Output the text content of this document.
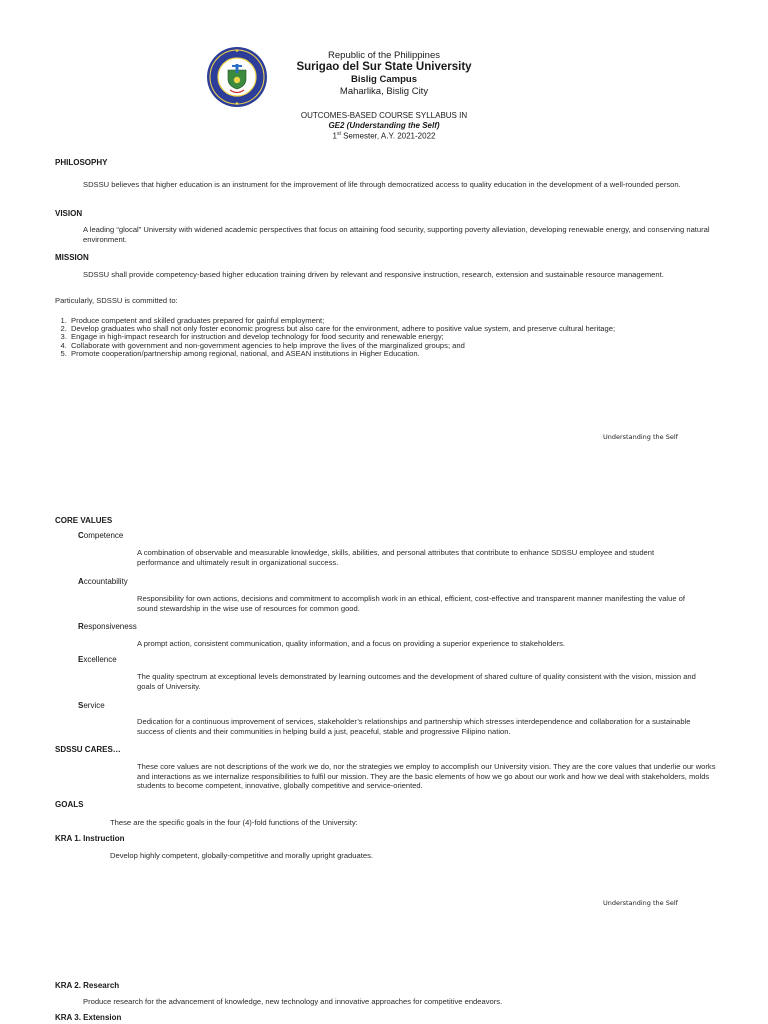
Republic of the Philippines
Surigao del Sur State University
Bislig Campus
Maharlika, Bislig City
OUTCOMES-BASED COURSE SYLLABUS IN
GE2 (Understanding the Self)
1st Semester, A.Y. 2021-2022
PHILOSOPHY
SDSSU believes that higher education is an instrument for the improvement of life through democratized access to quality education in the development of a well-rounded person.
VISION
A leading “glocal” University with widened academic perspectives that focus on attaining food security, supporting poverty alleviation, developing renewable energy, and conserving natural environment.
MISSION
SDSSU shall provide competency-based higher education training driven by relevant and responsive instruction, research, extension and sustainable resource management.
Particularly, SDSSU is committed to:
1. Produce competent and skilled graduates prepared for gainful employment;
2. Develop graduates who shall not only foster economic progress but also care for the environment, adhere to positive value system, and preserve cultural heritage;
3. Engage in high-impact research for instruction and develop technology for food security and renewable energy;
4. Collaborate with government and non-government agencies to help improve the lives of the marginalized groups; and
5. Promote cooperation/partnership among regional, national, and ASEAN institutions in Higher Education.
Understanding the Self
CORE VALUES
Competence
A combination of observable and measurable knowledge, skills, abilities, and personal attributes that contribute to enhance SDSSU employee and student performance and ultimately result in organizational success.
Accountability
Responsibility for own actions, decisions and commitment to accomplish work in an ethical, efficient, cost-effective and transparent manner manifesting the value of sound stewardship in the wise use of resources for common good.
Responsiveness
A prompt action, consistent communication, quality information, and a focus on providing a superior experience to stakeholders.
Excellence
The quality spectrum at exceptional levels demonstrated by learning outcomes and the development of shared culture of quality consistent with the vision, mission and goals of University.
Service
Dedication for a continuous improvement of services, stakeholder’s relationships and partnership which stresses interdependence and collaboration for a sustainable success of clients and their communities in helping build a just, peaceful, stable and progressive Filipino nation.
SDSSU CARES…
These core values are not descriptions of the work we do, nor the strategies we employ to accomplish our University vision. They are the core values that underlie our works and interactions as we internalize responsibilities to fulfil our mission. They are the basic elements of how we go about our work and how we deal with stakeholders, molds students to become competent, innovative, globally competitive and service-oriented.
GOALS
These are the specific goals in the four (4)-fold functions of the University:
KRA 1. Instruction
Develop highly competent, globally-competitive and morally upright graduates.
Understanding the Self
KRA 2. Research
Produce research for the advancement of knowledge, new technology and innovative approaches for competitive endeavors.
KRA 3. Extension
